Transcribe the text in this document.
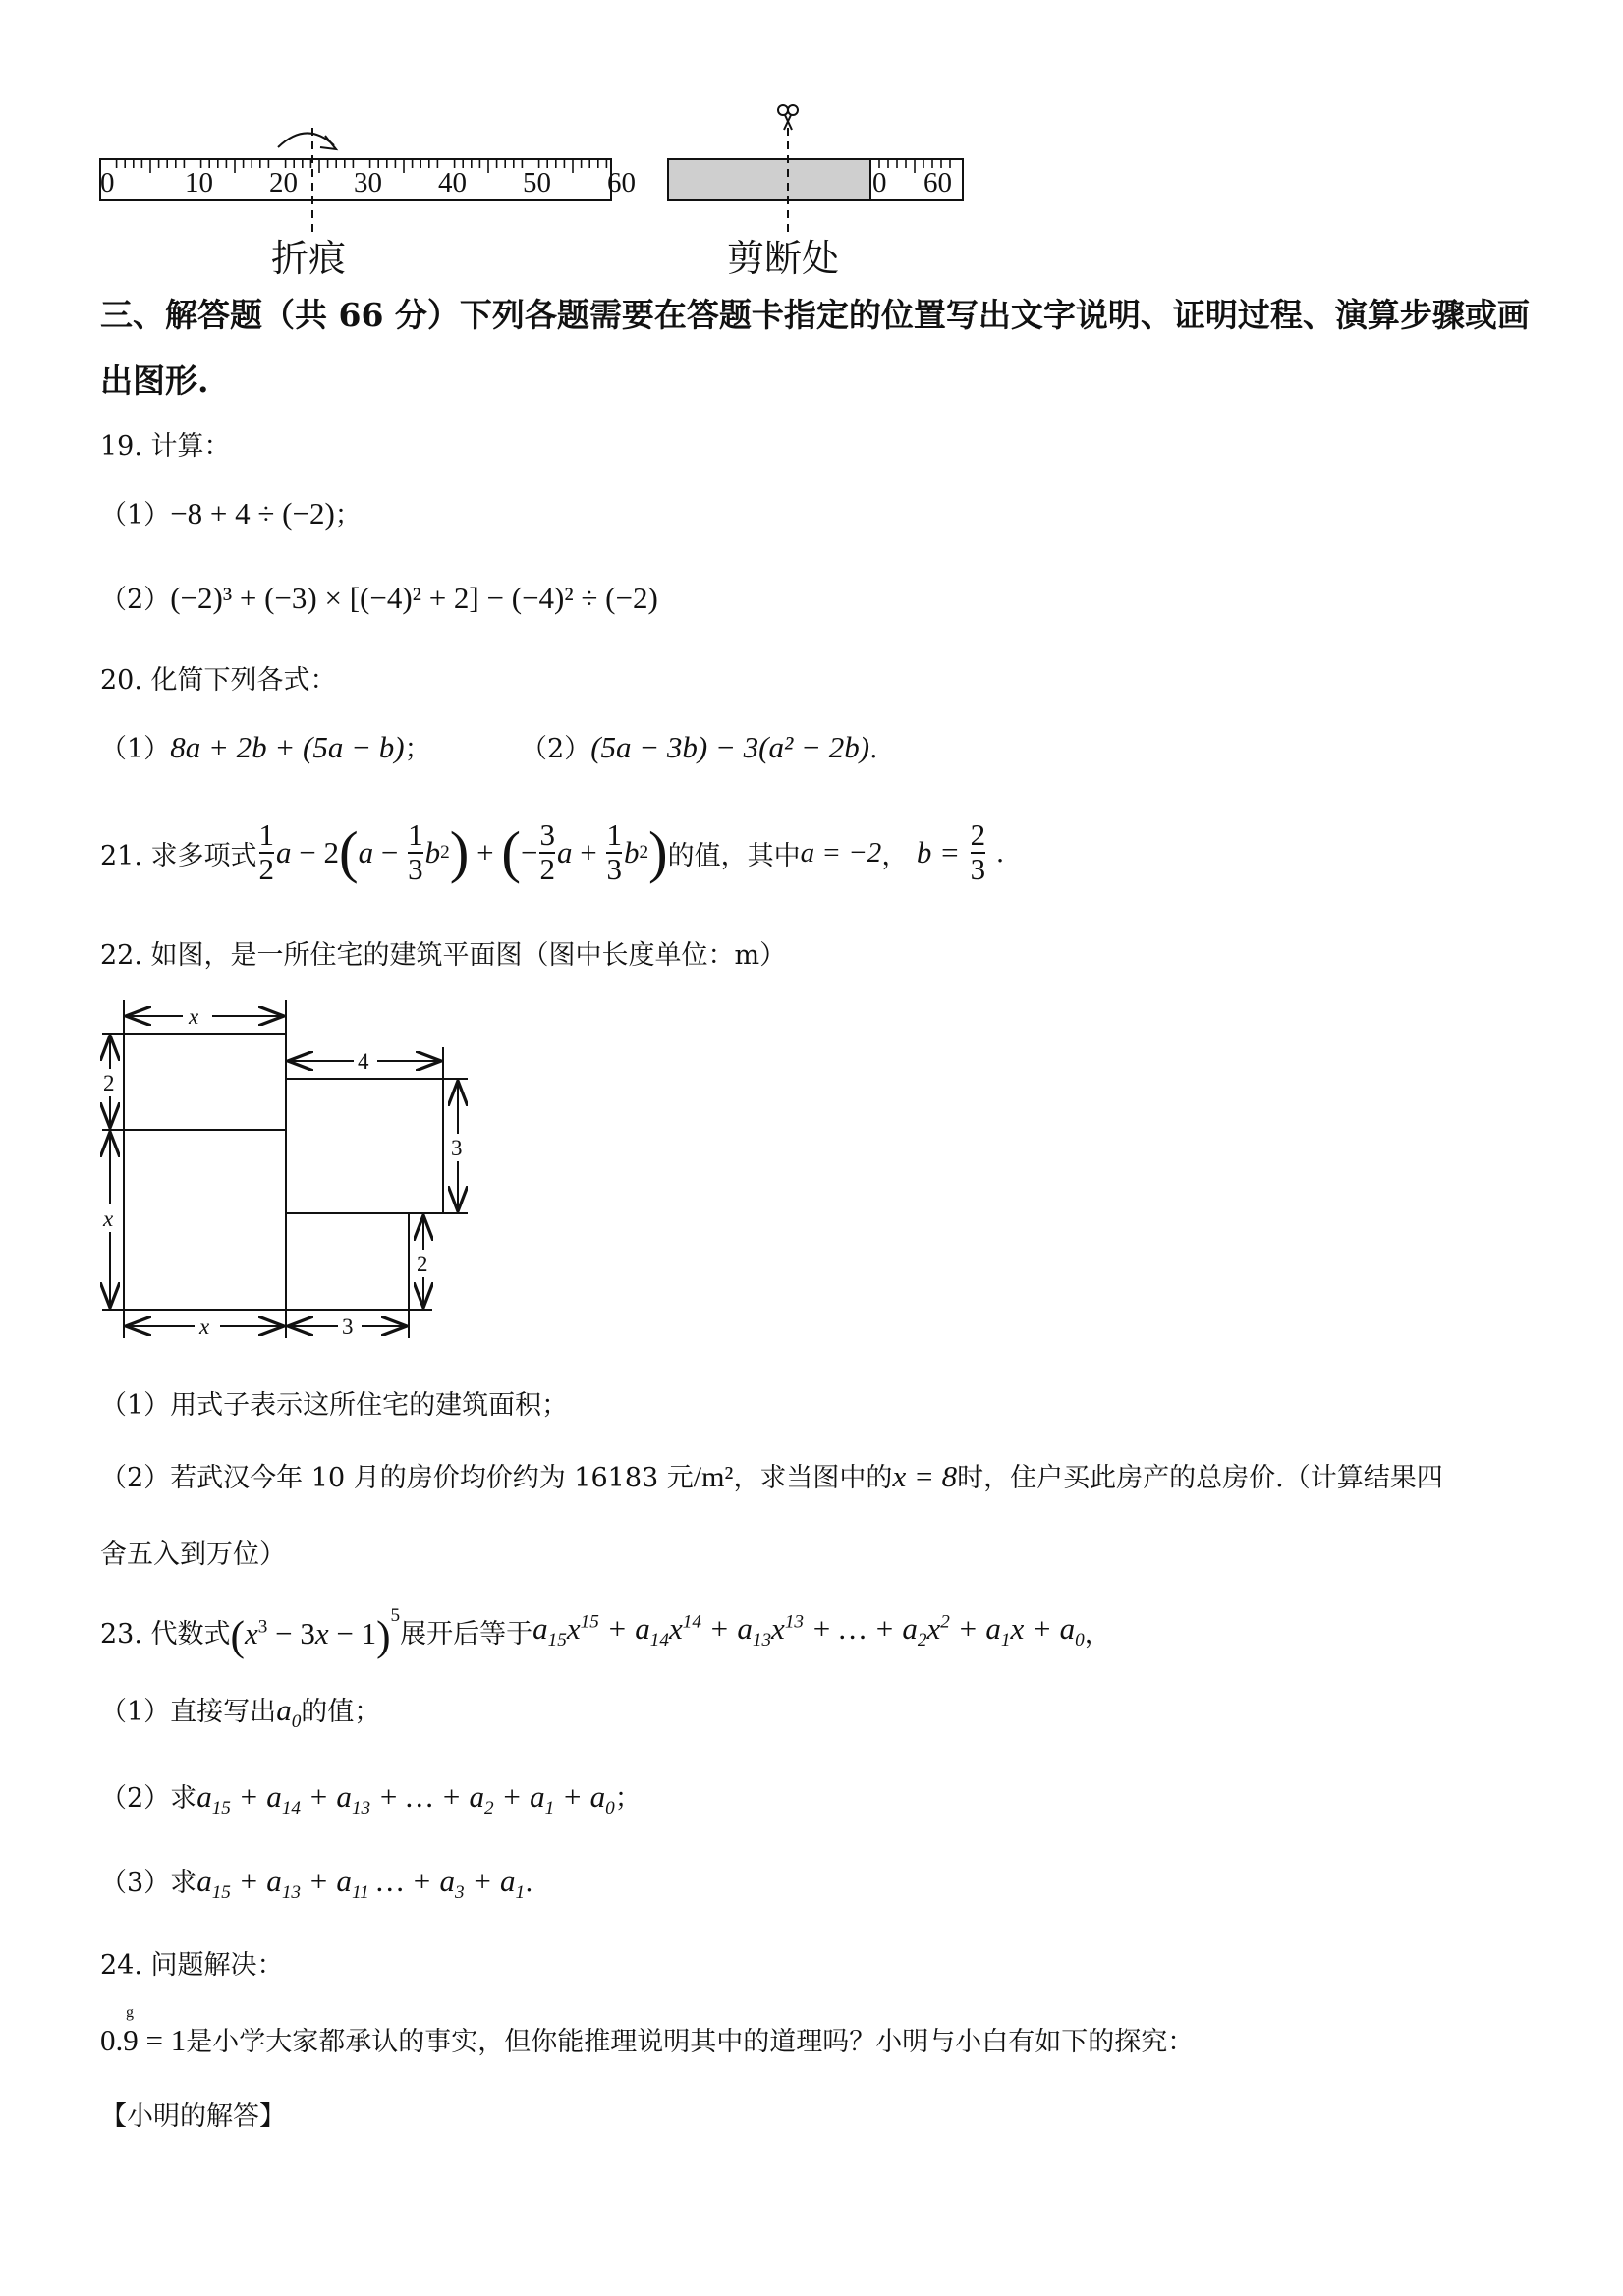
0 10 20 30 40 50 60	0 60
折痕	剪断处
三、解答题（共 66 分）下列各题需要在答题卡指定的位置写出文字说明、证明过程、演算步骤或画
出图形.
19. 计算：
（1）−8 + 4 ÷ (−2)；
（2）(−2)³ + (−3) × [(−4)² + 2] − (−4)² ÷ (−2)
20. 化简下列各式：
（1）8a + 2b + (5a − b)；	（2）(5a − 3b) − 3(a² − 2b).
21. 求多项式 $\frac{1}{2}$ a − 2 ( $a - \frac{1}{3}$ b 2 ) + ( − $\frac{3}{2}$ $a + \frac{1}{3}$ b 2 ) 的值，其中 a = −2 ，
b =
$\frac{2}{3}$
.
22. 如图，是一所住宅的建筑平面图（图中长度单位：m）
x
4
2
x
3
2
x	3
（1）用式子表示这所住宅的建筑面积；
（2）若武汉今年 10 月的房价均价约为 16183 元/m²，求当图中的x = 8时，住户买此房产的总房价.（计算结果四
舍五入到万位）
23. 代数式 $(x^3 - 3x - 1)^5$
展开后等于 $a_{15}x^{15} + a_{14}x^{14} + a_{13}x^{13}$ + … + $a_2x^2 + a_1x + a_0$ ，
（1）直接写出$a_0$的值；
（2）求$a_{15} + a_{14} + a_{13}$ + … + $a_2 + a_1 + a_0$；
（3）求$a_{15} + a_{13} + a_{11}$ … + $a_3 + a_1$.
24. 问题解决：
g
0.9 = 1是小学大家都承认的事实，但你能推理说明其中的道理吗？小明与小白有如下的探究：
【小明的解答】
